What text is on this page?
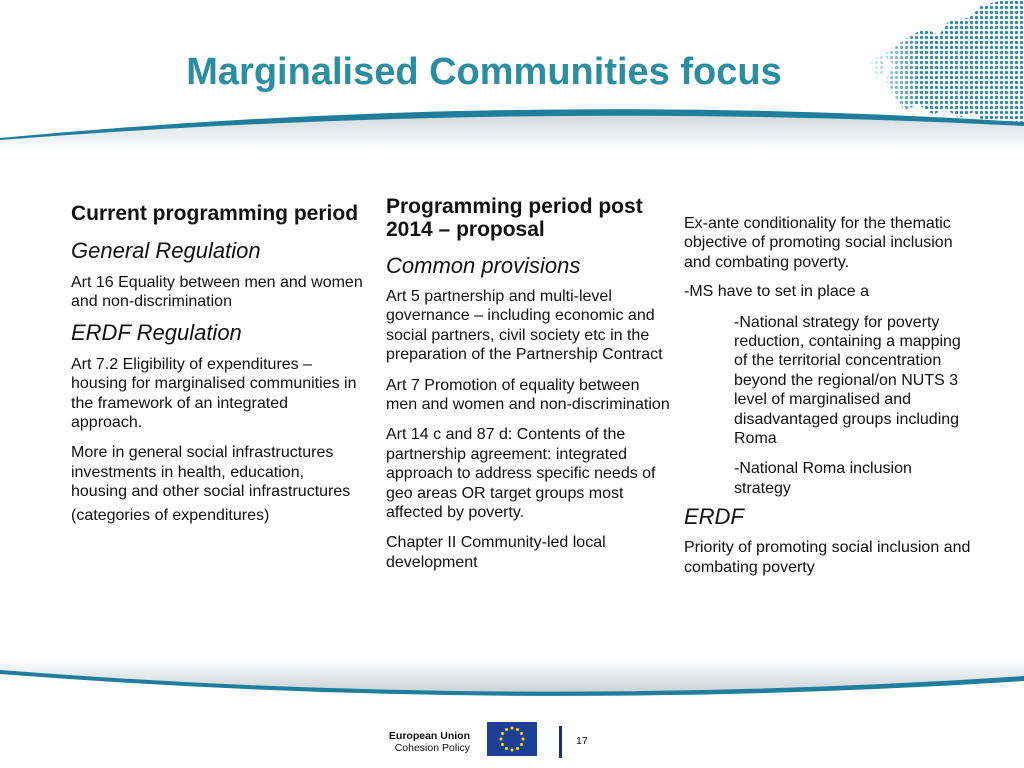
Marginalised Communities focus

Current programming period

General Regulation

Art 16 Equality between men and women and non-discrimination

ERDF Regulation

Art 7.2 Eligibility of expenditures – housing for marginalised communities in the framework of an integrated approach.

More in general social infrastructures investments in health, education, housing and other social infrastructures

(categories of expenditures)

Programming period post 2014 – proposal

Common provisions

Art 5 partnership and multi-level governance – including economic and social partners, civil society etc in the preparation of the Partnership Contract

Art 7 Promotion of equality between men and women and non-discrimination

Art 14 c and 87 d: Contents of the partnership agreement: integrated approach to address specific needs of geo areas OR target groups most affected by poverty.

Chapter II Community-led local development

Ex-ante conditionality for the thematic objective of promoting social inclusion and combating poverty.

-MS have to set in place a

-National strategy for poverty reduction, containing a mapping of the territorial concentration beyond the regional/on NUTS 3 level of marginalised and disadvantaged groups including Roma

-National Roma inclusion strategy

ERDF

Priority of promoting social inclusion and combating poverty

European Union
Cohesion Policy
17
